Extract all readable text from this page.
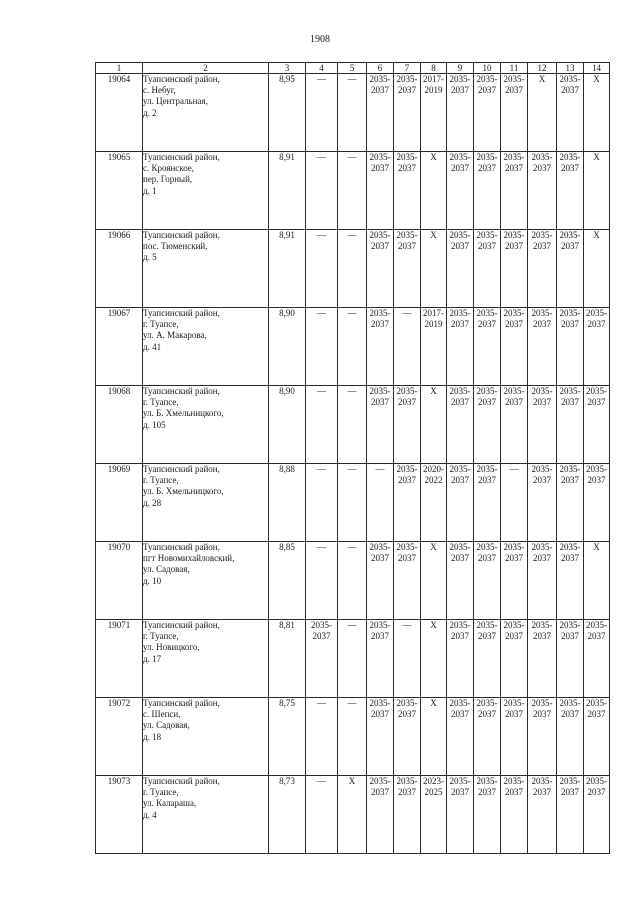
1908
1	2	3	4	5	6	7	8	9	10	11	12	13	14
19064	Туапсинский район,
с. Небуг,
ул. Центральная,
д. 2	8,95	—	—	2035-
2037	2035-
2037	2017-
2019	2035-
2037	2035-
2037	2035-
2037	X	2035-
2037	X
19065	Туапсинский район,
с. Кроянское,
пер. Горный,
д. 1	8,91	—	—	2035-
2037	2035-
2037	X	2035-
2037	2035-
2037	2035-
2037	2035-
2037	2035-
2037	X
19066	Туапсинский район,
пос. Тюменский,
д. 5	8,91	—	—	2035-
2037	2035-
2037	X	2035-
2037	2035-
2037	2035-
2037	2035-
2037	2035-
2037	X
19067	Туапсинский район,
г. Туапсе,
ул. А. Макарова,
д. 41	8,90	—	—	2035-
2037	—	2017-
2019	2035-
2037	2035-
2037	2035-
2037	2035-
2037	2035-
2037	2035-
2037
19068	Туапсинский район,
г. Туапсе,
ул. Б. Хмельницкого,
д. 105	8,90	—	—	2035-
2037	2035-
2037	X	2035-
2037	2035-
2037	2035-
2037	2035-
2037	2035-
2037	2035-
2037
19069	Туапсинский район,
г. Туапсе,
ул. Б. Хмельницкого,
д. 28	8,88	—	—	—	2035-
2037	2020-
2022	2035-
2037	2035-
2037	—	2035-
2037	2035-
2037	2035-
2037
19070	Туапсинский район,
пгт Новомихайловский,
ул. Садовая,
д. 10	8,85	—	—	2035-
2037	2035-
2037	X	2035-
2037	2035-
2037	2035-
2037	2035-
2037	2035-
2037	X
19071	Туапсинский район,
г. Туапсе,
ул. Новицкого,
д. 17	8,81	2035-
2037	—	2035-
2037	—	X	2035-
2037	2035-
2037	2035-
2037	2035-
2037	2035-
2037	2035-
2037
19072	Туапсинский район,
с. Шепси,
ул. Садовая,
д. 18	8,75	—	—	2035-
2037	2035-
2037	X	2035-
2037	2035-
2037	2035-
2037	2035-
2037	2035-
2037	2035-
2037
19073	Туапсинский район,
г. Туапсе,
ул. Калараша,
д. 4	8,73	—	X	2035-
2037	2035-
2037	2023-
2025	2035-
2037	2035-
2037	2035-
2037	2035-
2037	2035-
2037	2035-
2037
